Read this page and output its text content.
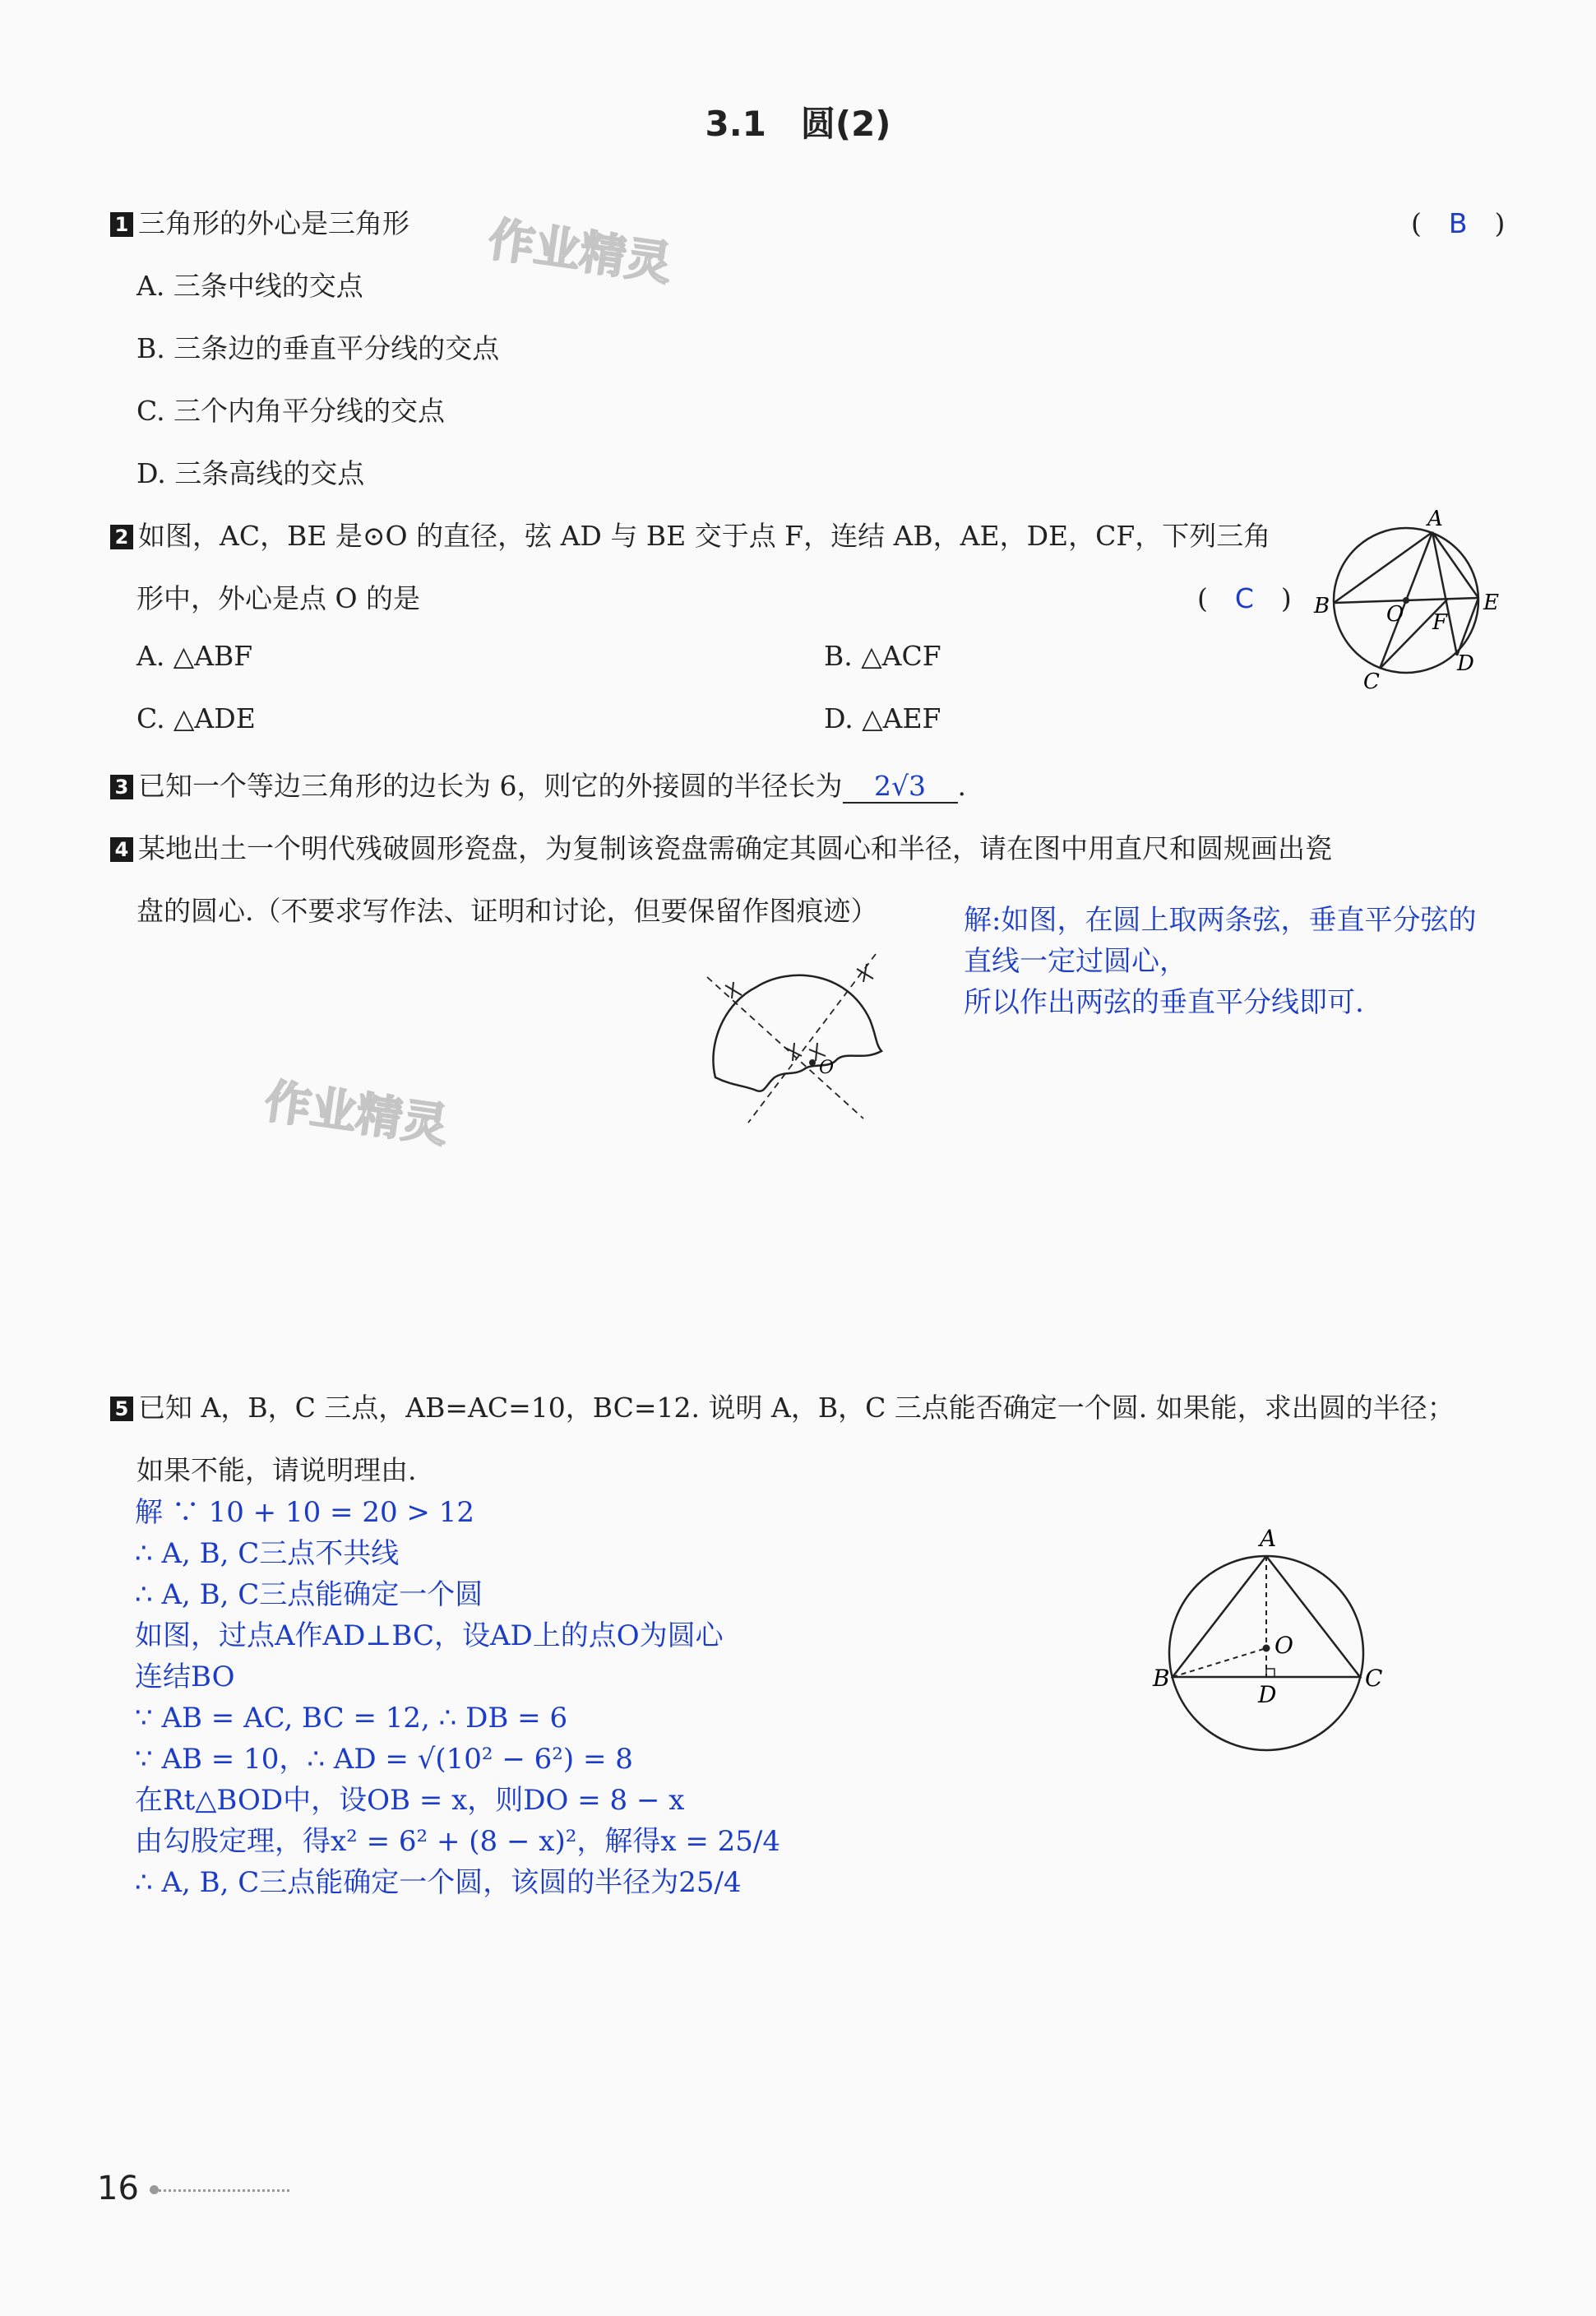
3.1　圆(2)
1 三角形的外心是三角形	(　B　)
A. 三条中线的交点
B. 三条边的垂直平分线的交点
C. 三个内角平分线的交点
D. 三条高线的交点
作业精灵
2 如图，AC，BE 是⊙O 的直径，弦 AD 与 BE 交于点 F，连结 AB，AE，DE，CF，下列三角
形中，外心是点 O 的是	(　C　)
A. △ABF	B. △ACF
C. △ADE	D. △AEF
A
B	O	E
F
C
D
3 已知一个等边三角形的边长为 6，则它的外接圆的半径长为 2√3 .
4 某地出土一个明代残破圆形瓷盘，为复制该瓷盘需确定其圆心和半径，请在图中用直尺和圆规画出瓷
盘的圆心.（不要求写作法、证明和讨论，但要保留作图痕迹）	解:如图，在圆上取两条弦，垂直平分弦的
直线一定过圆心，
所以作出两弦的垂直平分线即可.
O
作业精灵
5 已知 A，B，C 三点，AB=AC=10，BC=12. 说明 A，B，C 三点能否确定一个圆. 如果能，求出圆的半径；
如果不能，请说明理由.
解 ∵ 10 + 10 = 20 > 12
∴ A, B, C三点不共线
∴ A, B, C三点能确定一个圆
如图，过点A作AD⊥BC，设AD上的点O为圆心
连结BO
∵ AB = AC, BC = 12, ∴ DB = 6
∵ AB = 10，∴ AD = √(10² − 6²) = 8
在Rt△BOD中，设OB = x，则DO = 8 − x
由勾股定理，得x² = 6² + (8 − x)²，解得x = 25/4
∴ A, B, C三点能确定一个圆，该圆的半径为25/4
A
O
B
D
C
16
